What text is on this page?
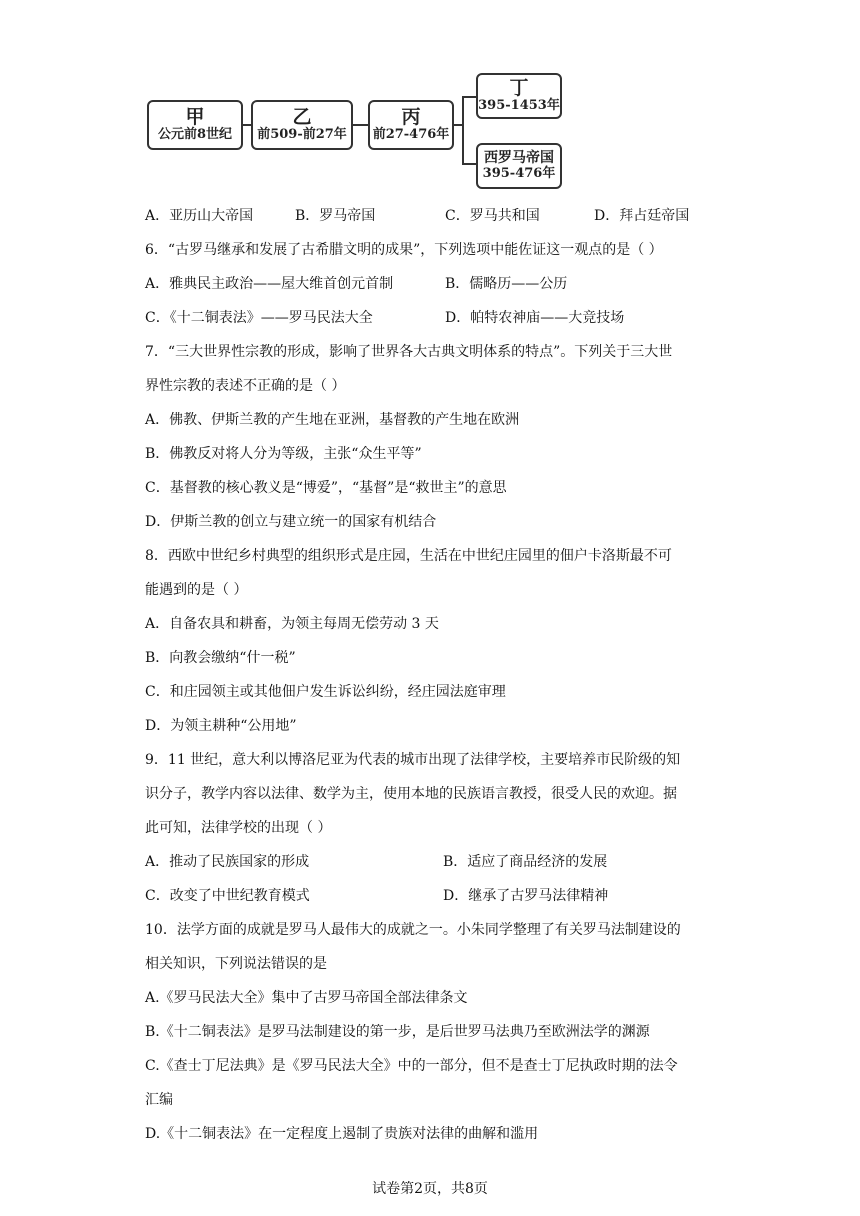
甲
公元前8世纪
乙
前509-前27年
丙
前27-476年
丁
395-1453年
西罗马帝国
395-476年
A．亚历山大帝国	B．罗马帝国	C．罗马共和国	D．拜占廷帝国
6．“古罗马继承和发展了古希腊文明的成果”，下列选项中能佐证这一观点的是（ ）
A．雅典民主政治——屋大维首创元首制	B．儒略历——公历
C．《十二铜表法》——罗马民法大全	D．帕特农神庙——大竞技场
7．“三大世界性宗教的形成，影响了世界各大古典文明体系的特点”。下列关于三大世
界性宗教的表述不正确的是（ ）
A．佛教、伊斯兰教的产生地在亚洲，基督教的产生地在欧洲
B．佛教反对将人分为等级，主张“众生平等”
C．基督教的核心教义是“博爱”，“基督”是“救世主”的意思
D．伊斯兰教的创立与建立统一的国家有机结合
8．西欧中世纪乡村典型的组织形式是庄园，生活在中世纪庄园里的佃户卡洛斯最不可
能遇到的是（ ）
A．自备农具和耕畜，为领主每周无偿劳动 3 天
B．向教会缴纳“什一税”
C．和庄园领主或其他佃户发生诉讼纠纷，经庄园法庭审理
D．为领主耕种“公用地”
9．11 世纪，意大利以博洛尼亚为代表的城市出现了法律学校，主要培养市民阶级的知
识分子，教学内容以法律、数学为主，使用本地的民族语言教授，很受人民的欢迎。据
此可知，法律学校的出现（ ）
A．推动了民族国家的形成	B．适应了商品经济的发展
C．改变了中世纪教育模式	D．继承了古罗马法律精神
10．法学方面的成就是罗马人最伟大的成就之一。小朱同学整理了有关罗马法制建设的
相关知识，下列说法错误的是
A.《罗马民法大全》集中了古罗马帝国全部法律条文
B.《十二铜表法》是罗马法制建设的第一步，是后世罗马法典乃至欧洲法学的渊源
C.《查士丁尼法典》是《罗马民法大全》中的一部分，但不是查士丁尼执政时期的法令
汇编
D.《十二铜表法》在一定程度上遏制了贵族对法律的曲解和滥用
试卷第2页，共8页
